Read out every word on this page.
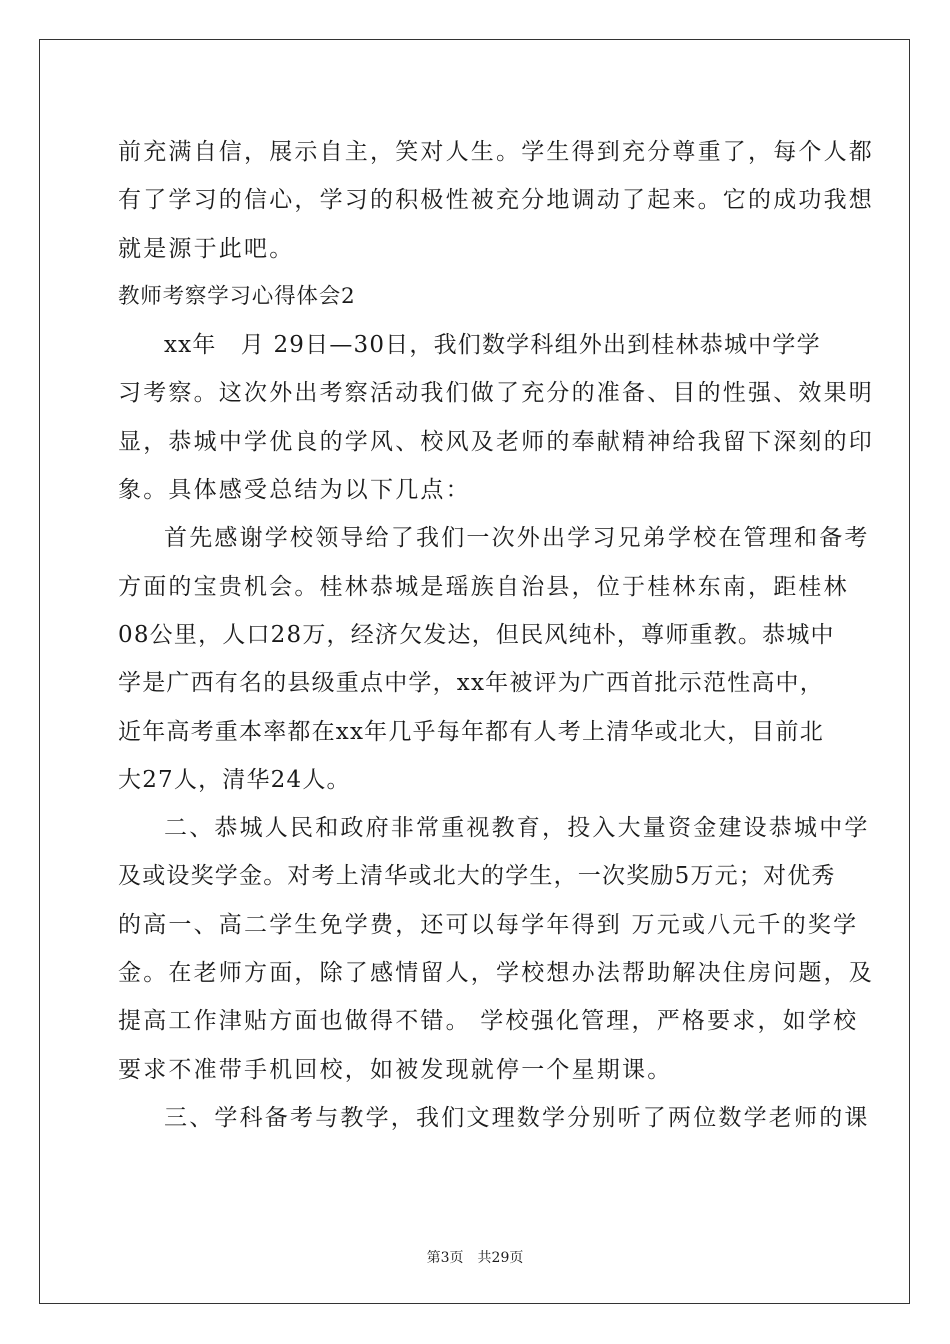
前充满自信，展示自主，笑对人生。学生得到充分尊重了，每个人都
有了学习的信心，学习的积极性被充分地调动了起来。它的成功我想
就是源于此吧。
教师考察学习心得体会2
xx年　月 29日—30日，我们数学科组外出到桂林恭城中学学
习考察。这次外出考察活动我们做了充分的准备、目的性强、效果明
显，恭城中学优良的学风、校风及老师的奉献精神给我留下深刻的印
象。具体感受总结为以下几点：
首先感谢学校领导给了我们一次外出学习兄弟学校在管理和备考
方面的宝贵机会。桂林恭城是瑶族自治县，位于桂林东南，距桂林
08公里，人口28万，经济欠发达，但民风纯朴，尊师重教。恭城中
学是广西有名的县级重点中学，xx年被评为广西首批示范性高中，
近年高考重本率都在xx年几乎每年都有人考上清华或北大，目前北
大27人，清华24人。
二、恭城人民和政府非常重视教育，投入大量资金建设恭城中学
及或设奖学金。对考上清华或北大的学生，一次奖励5万元；对优秀
的高一、高二学生免学费，还可以每学年得到 万元或八元千的奖学
金。在老师方面，除了感情留人，学校想办法帮助解决住房问题，及
提高工作津贴方面也做得不错。 学校强化管理，严格要求，如学校
要求不准带手机回校，如被发现就停一个星期课。
三、学科备考与教学，我们文理数学分别听了两位数学老师的课
第3页　共29页
